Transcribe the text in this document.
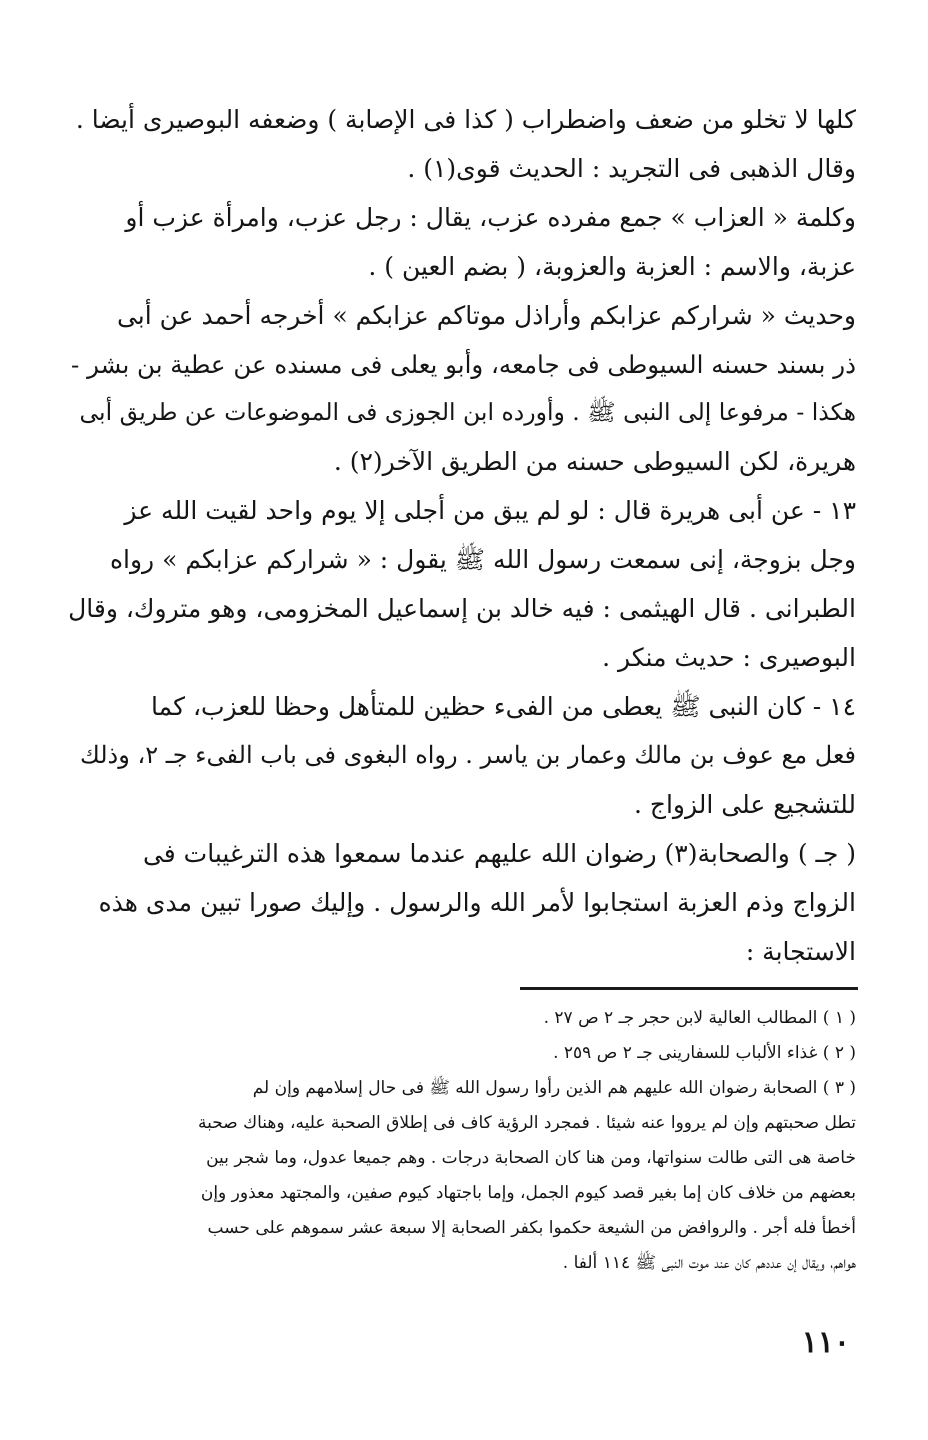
كلها لا تخلو من ضعف واضطراب ( كذا فى الإصابة ) وضعفه البوصيرى أيضا .
وقال الذهبى فى التجريد : الحديث قوى(١) .
وكلمة « العزاب » جمع مفرده عزب، يقال : رجل عزب، وامرأة عزب أو
عزبة، والاسم : العزبة والعزوبة، ( بضم العين ) .
وحديث « شراركم عزابكم وأراذل موتاكم عزابكم » أخرجه أحمد عن أبى
ذر بسند حسنه السيوطى فى جامعه، وأبو يعلى فى مسنده عن عطية بن بشر -
هكذا - مرفوعا إلى النبى ﷺ . وأورده ابن الجوزى فى الموضوعات عن طريق أبى
هريرة، لكن السيوطى حسنه من الطريق الآخر(٢) .
١٣ - عن أبى هريرة قال : لو لم يبق من أجلى إلا يوم واحد لقيت الله عز
وجل بزوجة، إنى سمعت رسول الله ﷺ يقول : « شراركم عزابكم » رواه
الطبرانى . قال الهيثمى : فيه خالد بن إسماعيل المخزومى، وهو متروك، وقال
البوصيرى : حديث منكر .
١٤ - كان النبى ﷺ يعطى من الفىء حظين للمتأهل وحظا للعزب، كما
فعل مع عوف بن مالك وعمار بن ياسر . رواه البغوى فى باب الفىء جـ ٢، وذلك
للتشجيع على الزواج .
( جـ ) والصحابة(٣) رضوان الله عليهم عندما سمعوا هذه الترغيبات فى
الزواج وذم العزبة استجابوا لأمر الله والرسول . وإليك صورا تبين مدى هذه
الاستجابة :
( ١ ) المطالب العالية لابن حجر جـ ٢ ص ٢٧ .
( ٢ ) غذاء الألباب للسفارينى جـ ٢ ص ٢٥٩ .
( ٣ ) الصحابة رضوان الله عليهم هم الذين رأوا رسول الله ﷺ فى حال إسلامهم وإن لم
تطل صحبتهم وإن لم يرووا عنه شيئا . فمجرد الرؤية كاف فى إطلاق الصحبة عليه، وهناك صحبة
خاصة هى التى طالت سنواتها، ومن هنا كان الصحابة درجات . وهم جميعا عدول، وما شجر بين
بعضهم من خلاف كان إما بغير قصد كيوم الجمل، وإما باجتهاد كيوم صفين، والمجتهد معذور وإن
أخطأ فله أجر . والروافض من الشيعة حكموا بكفر الصحابة إلا سبعة عشر سموهم على حسب
هواهم، ويقال إن عددهم كان عند موت النبى ﷺ ١١٤ ألفا .
١١٠
